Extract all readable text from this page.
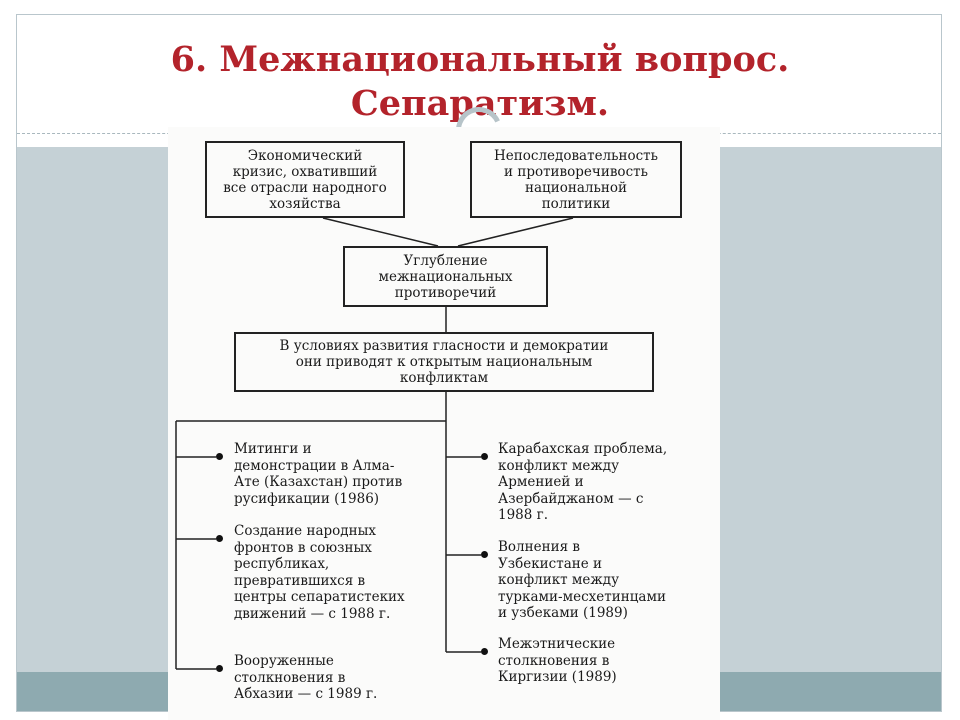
6. Межнациональный вопрос.
Сепаратизм.
Экономический
кризис, охвативший
все отрасли народного
хозяйства
Непоследовательность
и противоречивость
национальной
политики
Углубление
межнациональных
противоречий
В условиях развития гласности и демократии
они приводят к открытым национальным
конфликтам
Митинги и
демонстрации в Алма-
Ате (Казахстан) против
русификации (1986)
Создание народных
фронтов в союзных
республиках,
превратившихся в
центры сепаратистеких
движений — с 1988 г.
Вооруженные
столкновения в
Абхазии — с 1989 г.
Карабахская проблема,
конфликт между
Арменией и
Азербайджаном — с
1988 г.
Волнения в
Узбекистане и
конфликт между
турками-месхетинцами
и узбеками (1989)
Межэтнические
столкновения в
Киргизии (1989)
